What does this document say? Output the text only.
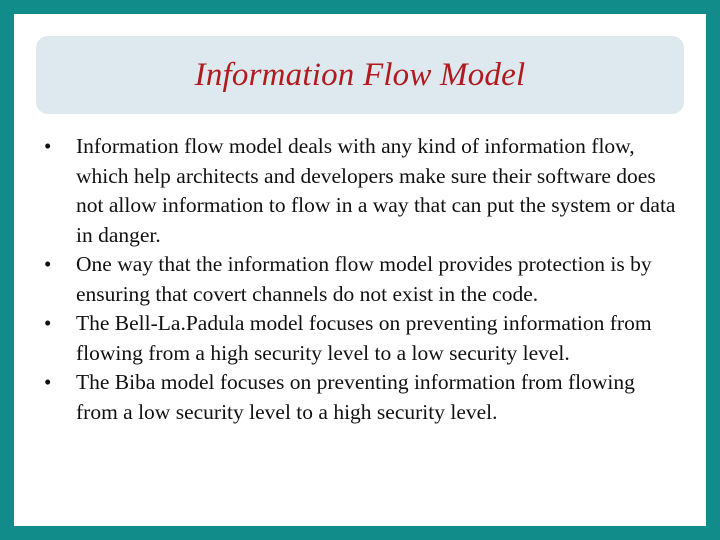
Information Flow Model
• Information flow model deals with any kind of information flow, which help architects and developers make sure their software does not allow information to flow in a way that can put the system or data in danger.
• One way that the information flow model provides protection is by ensuring that covert channels do not exist in the code.
• The Bell-La.Padula model focuses on preventing information from flowing from a high security level to a low security level.
• The Biba model focuses on preventing information from flowing from a low security level to a high security level.
